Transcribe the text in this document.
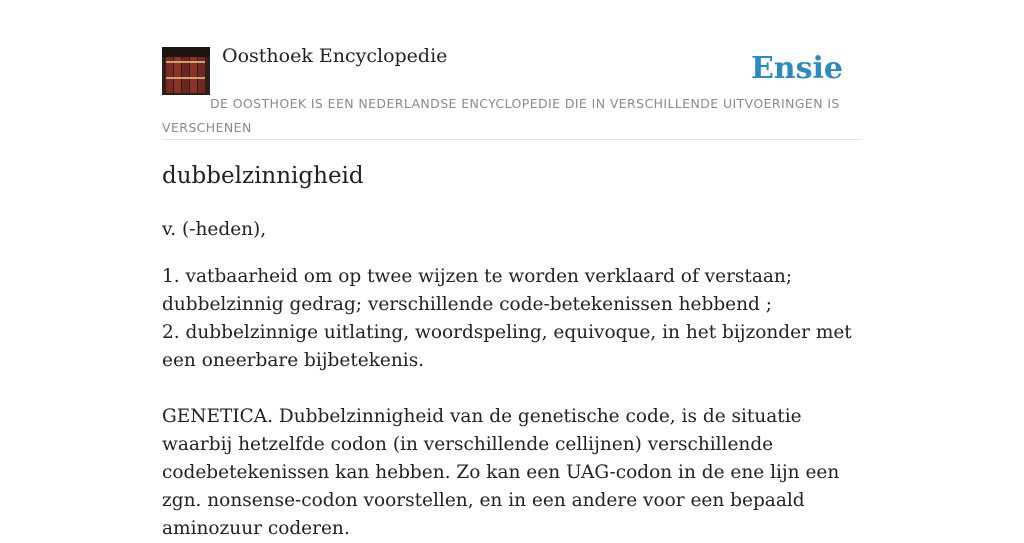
Oosthoek Encyclopedie	Ensie
DE OOSTHOEK IS EEN NEDERLANDSE ENCYCLOPEDIE DIE IN VERSCHILLENDE UITVOERINGEN IS VERSCHENEN
dubbelzinnigheid

v. (-heden),

1. vatbaarheid om op twee wijzen te worden verklaard of verstaan; dubbelzinnig gedrag; verschillende code-betekenissen hebbend ;

2. dubbelzinnige uitlating, woordspeling, equivoque, in het bijzonder met een oneerbare bijbetekenis.

GENETICA. Dubbelzinnigheid van de genetische code, is de situatie waarbij hetzelfde codon (in verschillende cellijnen) verschillende codebetekenissen kan hebben. Zo kan een UAG-codon in de ene lijn een zgn. nonsense-codon voorstellen, en in een andere voor een bepaald aminozuur coderen.
